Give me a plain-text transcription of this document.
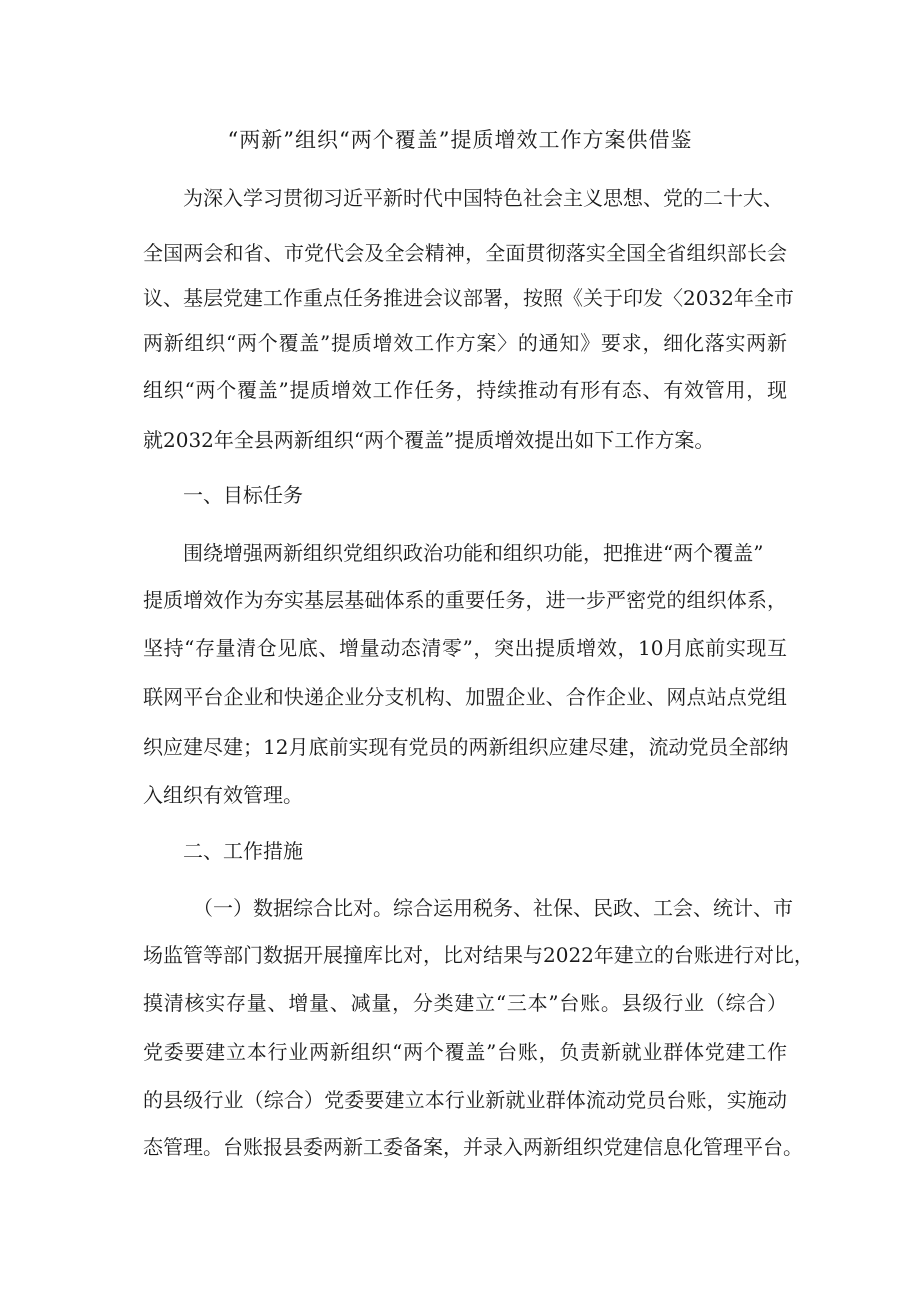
“两新”组织“两个覆盖”提质增效工作方案供借鉴

为深入学习贯彻习近平新时代中国特色社会主义思想、党的二十大、

全国两会和省、市党代会及全会精神，全面贯彻落实全国全省组织部长会

议、基层党建工作重点任务推进会议部署，按照《关于印发〈2032年全市

两新组织“两个覆盖”提质增效工作方案〉的通知》要求，细化落实两新

组织“两个覆盖”提质增效工作任务，持续推动有形有态、有效管用，现

就2032年全县两新组织“两个覆盖”提质增效提出如下工作方案。

一、目标任务

围绕增强两新组织党组织政治功能和组织功能，把推进“两个覆盖”

提质增效作为夯实基层基础体系的重要任务，进一步严密党的组织体系，

坚持“存量清仓见底、增量动态清零”，突出提质增效，10月底前实现互

联网平台企业和快递企业分支机构、加盟企业、合作企业、网点站点党组

织应建尽建；12月底前实现有党员的两新组织应建尽建，流动党员全部纳

入组织有效管理。

二、工作措施

（一）数据综合比对。综合运用税务、社保、民政、工会、统计、市

场监管等部门数据开展撞库比对，比对结果与2022年建立的台账进行对比，

摸清核实存量、增量、减量，分类建立“三本”台账。县级行业（综合）

党委要建立本行业两新组织“两个覆盖”台账，负责新就业群体党建工作

的县级行业（综合）党委要建立本行业新就业群体流动党员台账，实施动

态管理。台账报县委两新工委备案，并录入两新组织党建信息化管理平台。
